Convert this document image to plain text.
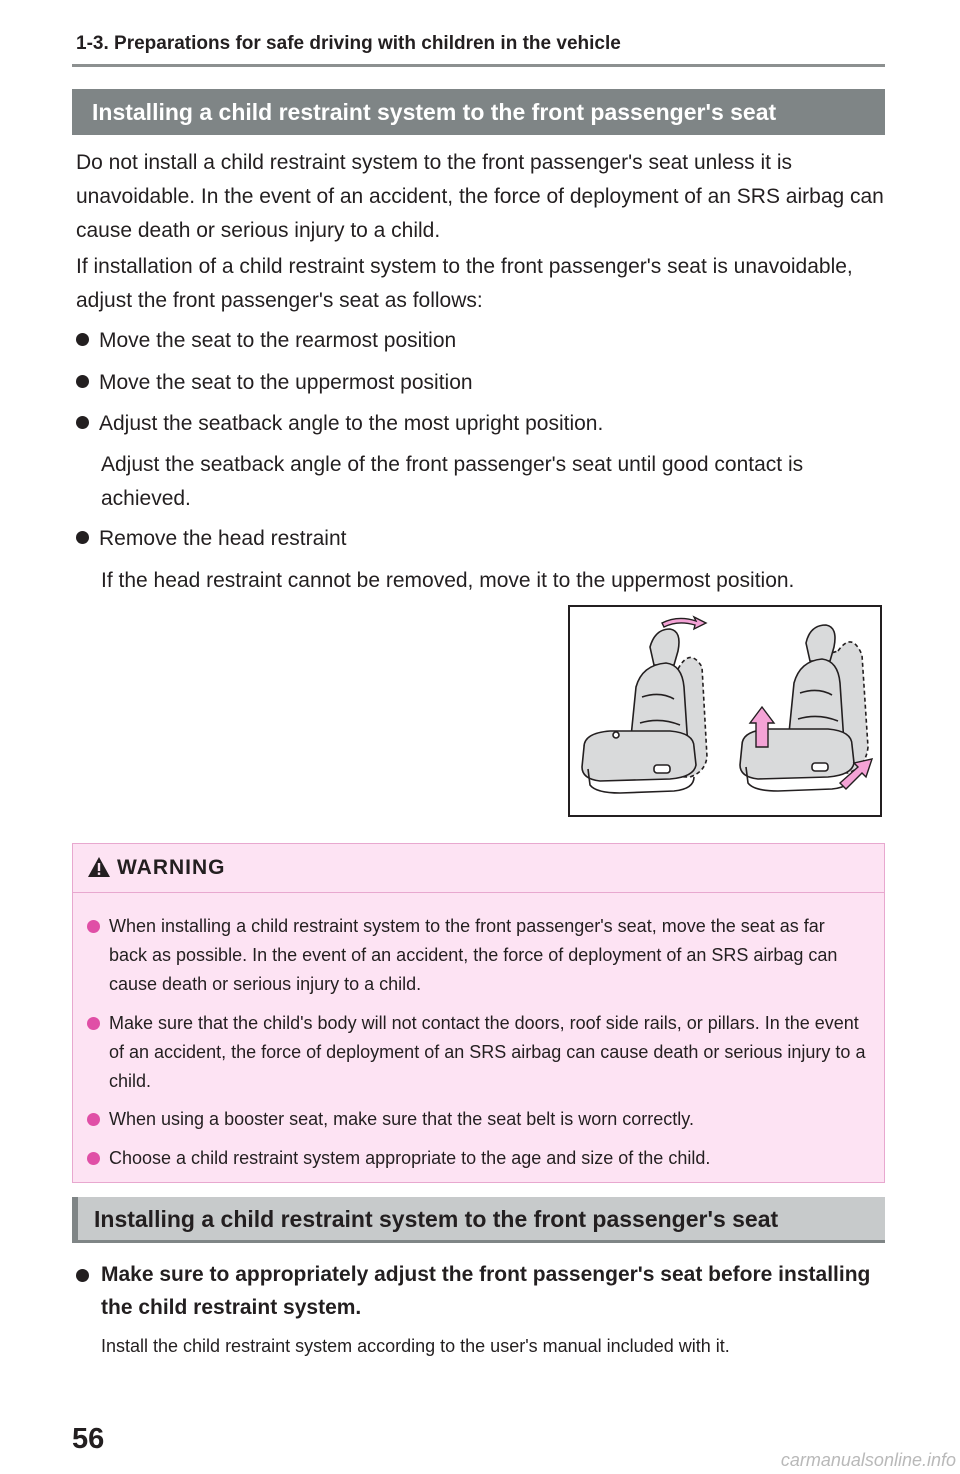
1-3. Preparations for safe driving with children in the vehicle
Installing a child restraint system to the front passenger's seat
Do not install a child restraint system to the front passenger's seat unless it is unavoidable. In the event of an accident, the force of deployment of an SRS airbag can cause death or serious injury to a child.
If installation of a child restraint system to the front passenger's seat is unavoidable, adjust the front passenger's seat as follows:
Move the seat to the rearmost position
Move the seat to the uppermost position
Adjust the seatback angle to the most upright position.
Adjust the seatback angle of the front passenger's seat until good contact is achieved.
Remove the head restraint
If the head restraint cannot be removed, move it to the uppermost position.
WARNING
When installing a child restraint system to the front passenger's seat, move the seat as far back as possible. In the event of an accident, the force of deployment of an SRS airbag can cause death or serious injury to a child.
Make sure that the child's body will not contact the doors, roof side rails, or pillars. In the event of an accident, the force of deployment of an SRS airbag can cause death or serious injury to a child.
When using a booster seat, make sure that the seat belt is worn correctly.
Choose a child restraint system appropriate to the age and size of the child.
Installing a child restraint system to the front passenger's seat
Make sure to appropriately adjust the front passenger's seat before installing the child restraint system.
Install the child restraint system according to the user's manual included with it.
56
carmanualsonline.info
